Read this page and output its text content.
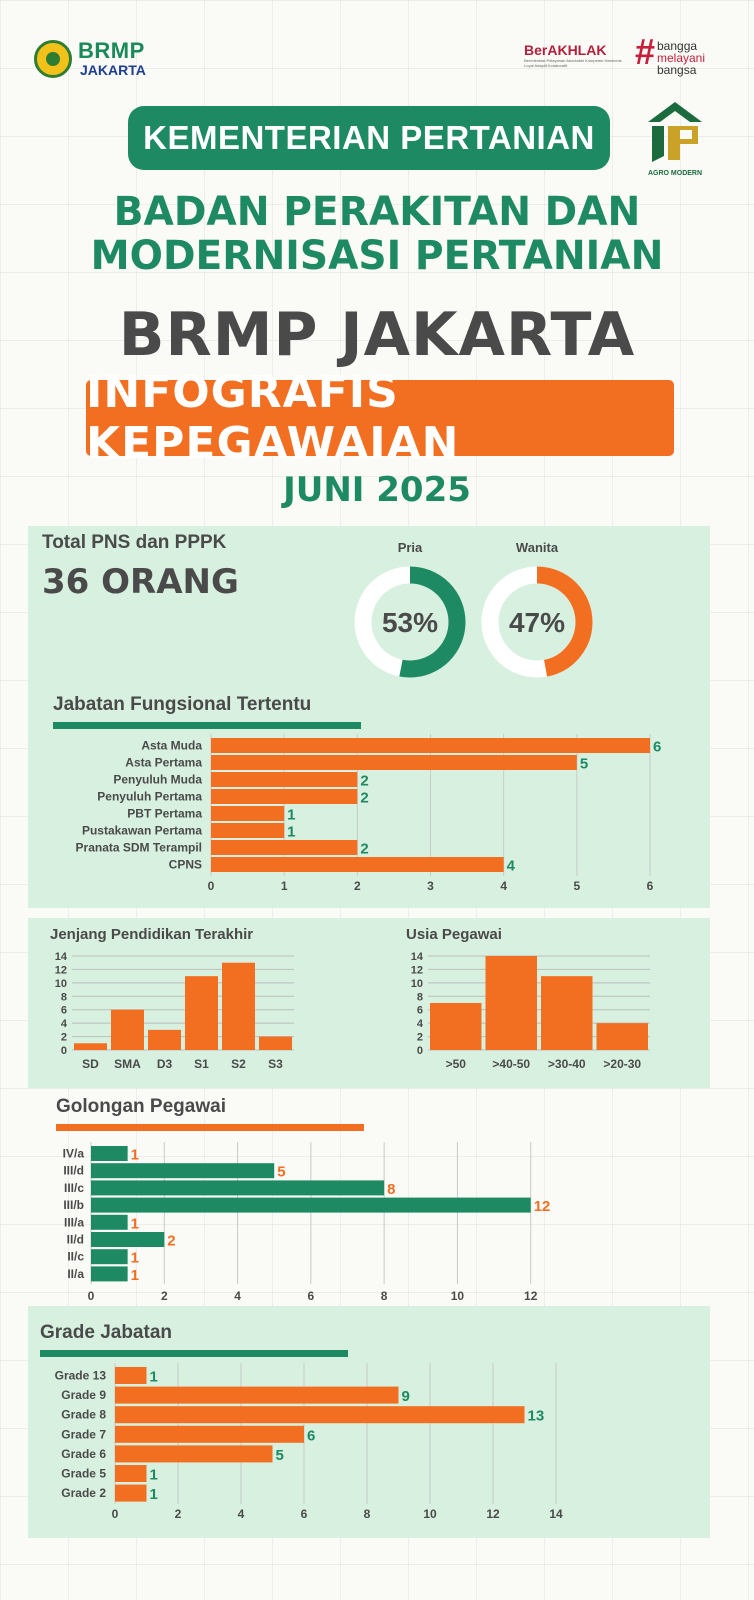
BRMP
JAKARTA
BerAKHLAK
Berorientasi Pelayanan Akuntabel Kompeten Harmonis Loyal Adaptif Kolaboratif	# bangga
melayani
bangsa
AGRO MODERN
KEMENTERIAN PERTANIAN
BADAN PERAKITAN DAN
MODERNISASI PERTANIAN
BRMP JAKARTA
INFOGRAFIS KEPEGAWAIAN
JUNI 2025
Total PNS dan PPPK
36 ORANG
Pria	Wanita
53%	47%
Jabatan Fungsional Tertentu
0	1	2	3	4	5	6
Asta Muda	6
Asta Pertama	5
Penyuluh Muda	2
Penyuluh Pertama	2
PBT Pertama	1
Pustakawan Pertama	1
Pranata SDM Terampil	2
CPNS	4
Jenjang Pendidikan Terakhir
0
2
4
6
8
10
12
14
SD SMA D3 S1 S2 S3
Usia Pegawai
0
2
4
6
8
10
12
14
>50 >40-50 >30-40 >20-30
Golongan Pegawai
0	2	4	6	8	10	12
IV/a	1
III/d	5
III/c	8
III/b	12
III/a	1
II/d	2
II/c	1
II/a	1
Grade Jabatan
0	2	4	6	8	10	12	14
Grade 13	1
Grade 9	9
Grade 8	13
Grade 7	6
Grade 6	5
Grade 5	1
Grade 2	1
